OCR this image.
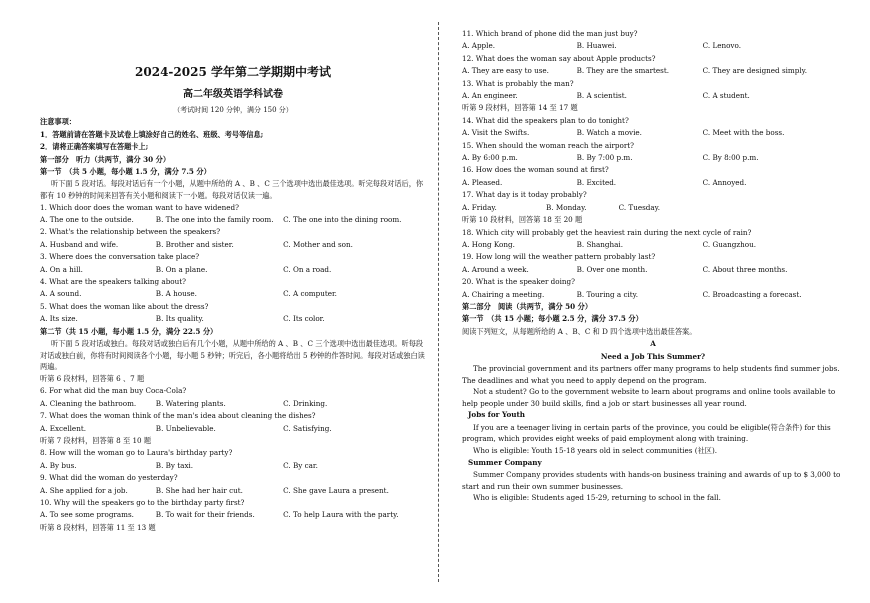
2024-2025 学年第二学期期中考试
高二年级英语学科试卷
（考试时间 120 分钟，满分 150 分）
注意事项：
1．答题前请在答题卡及试卷上填涂好自己的姓名、班级、考号等信息;
2．请将正确答案填写在答题卡上;
第一部分　听力（共两节，满分 30 分）
第一节　（共 5 小题，每小题 1.5 分，满分 7.5 分）

听下面 5 段对话。每段对话后有一个小题，从题中所给的 A 、B 、C 三个选项中选出最佳选项。听完每段对话后，你都有 10 秒钟的时间来回答有关小题和阅读下一小题。每段对话仅读一遍。

1. Which door does the woman want to have widened?
A. The one to the outside.	B. The one into the family room.	C. The one into the dining room.
2. What's the relationship between the speakers?
A. Husband and wife.	B. Brother and sister.	C. Mother and son.
3. Where does the conversation take place?
A. On a hill.	B. On a plane.	C. On a road.
4. What are the speakers talking about?
A. A sound.	B. A house.	C. A computer.
5. What does the woman like about the dress?
A. Its size.	B. Its quality.	C. Its color.
第二节（共 15 小题，每小题 1.5 分，满分 22.5 分）

听下面 5 段对话或独白。每段对话或独白后有几个小题，从题中所给的 A 、B 、C 三个选项中选出最佳选项。听每段对话或独白前，你将有时间阅读各个小题，每小题 5 秒钟；听完后，各小题将给出 5 秒钟的作答时间。每段对话或独白读两遍。

听第 6 段材料，回答第 6 、7 题
6. For what did the man buy Coca-Cola?
A. Cleaning the bathroom.	B. Watering plants.	C. Drinking.
7. What does the woman think of the man's idea about cleaning the dishes?
A. Excellent.	B. Unbelievable.	C. Satisfying.
听第 7 段材料，回答第 8 至 10 题
8. How will the woman go to Laura's birthday party?
A. By bus.	B. By taxi.	C. By car.
9. What did the woman do yesterday?
A. She applied for a job.	B. She had her hair cut.	C. She gave Laura a present.
10. Why will the speakers go to the birthday party first?
A. To see some programs.	B. To wait for their friends.	C. To help Laura with the party.
听第 8 段材料，回答第 11 至 13 题
11. Which brand of phone did the man just buy?
A. Apple.	B. Huawei.	C. Lenovo.
12. What does the woman say about Apple products?
A. They are easy to use.	B. They are the smartest.	C. They are designed simply.
13. What is probably the man?
A. An engineer.	B. A scientist.	C. A student.
听第 9 段材料，回答第 14 至 17 题
14. What did the speakers plan to do tonight?
A. Visit the Swifts.	B. Watch a movie.	C. Meet with the boss.
15. When should the woman reach the airport?
A. By 6:00 p.m.	B. By 7:00 p.m.	C. By 8:00 p.m.
16. How does the woman sound at first?
A. Pleased.	B. Excited.	C. Annoyed.
17. What day is it today probably?
A. Friday.	B. Monday.	C. Tuesday.
听第 10 段材料，回答第 18 至 20 题
18. Which city will probably get the heaviest rain during the next cycle of rain?
A. Hong Kong.	B. Shanghai.	C. Guangzhou.
19. How long will the weather pattern probably last?
A. Around a week.	B. Over one month.	C. About three months.
20. What is the speaker doing?
A. Chairing a meeting.	B. Touring a city.	C. Broadcasting a forecast.
第二部分　阅读（共两节，满分 50 分）
第一节　（共 15 小题；每小题 2.5 分，满分 37.5 分）
阅读下列短文，从每题所给的 A 、B、C 和 D 四个选项中选出最佳答案。
A
Need a Job This Summer?

The provincial government and its partners offer many programs to help students find summer jobs. The deadlines and what you need to apply depend on the program.

Not a student? Go to the government website to learn about programs and online tools available to help people under 30 build skills, find a job or start businesses all year round.

Jobs for Youth

If you are a teenager living in certain parts of the province, you could be eligible(符合条件) for this program, which provides eight weeks of paid employment along with training.

Who is eligible: Youth 15-18 years old in select communities (社区).

Summer Company

Summer Company provides students with hands-on business training and awards of up to $ 3,000 to start and run their own summer businesses.

Who is eligible: Students aged 15-29, returning to school in the fall.
